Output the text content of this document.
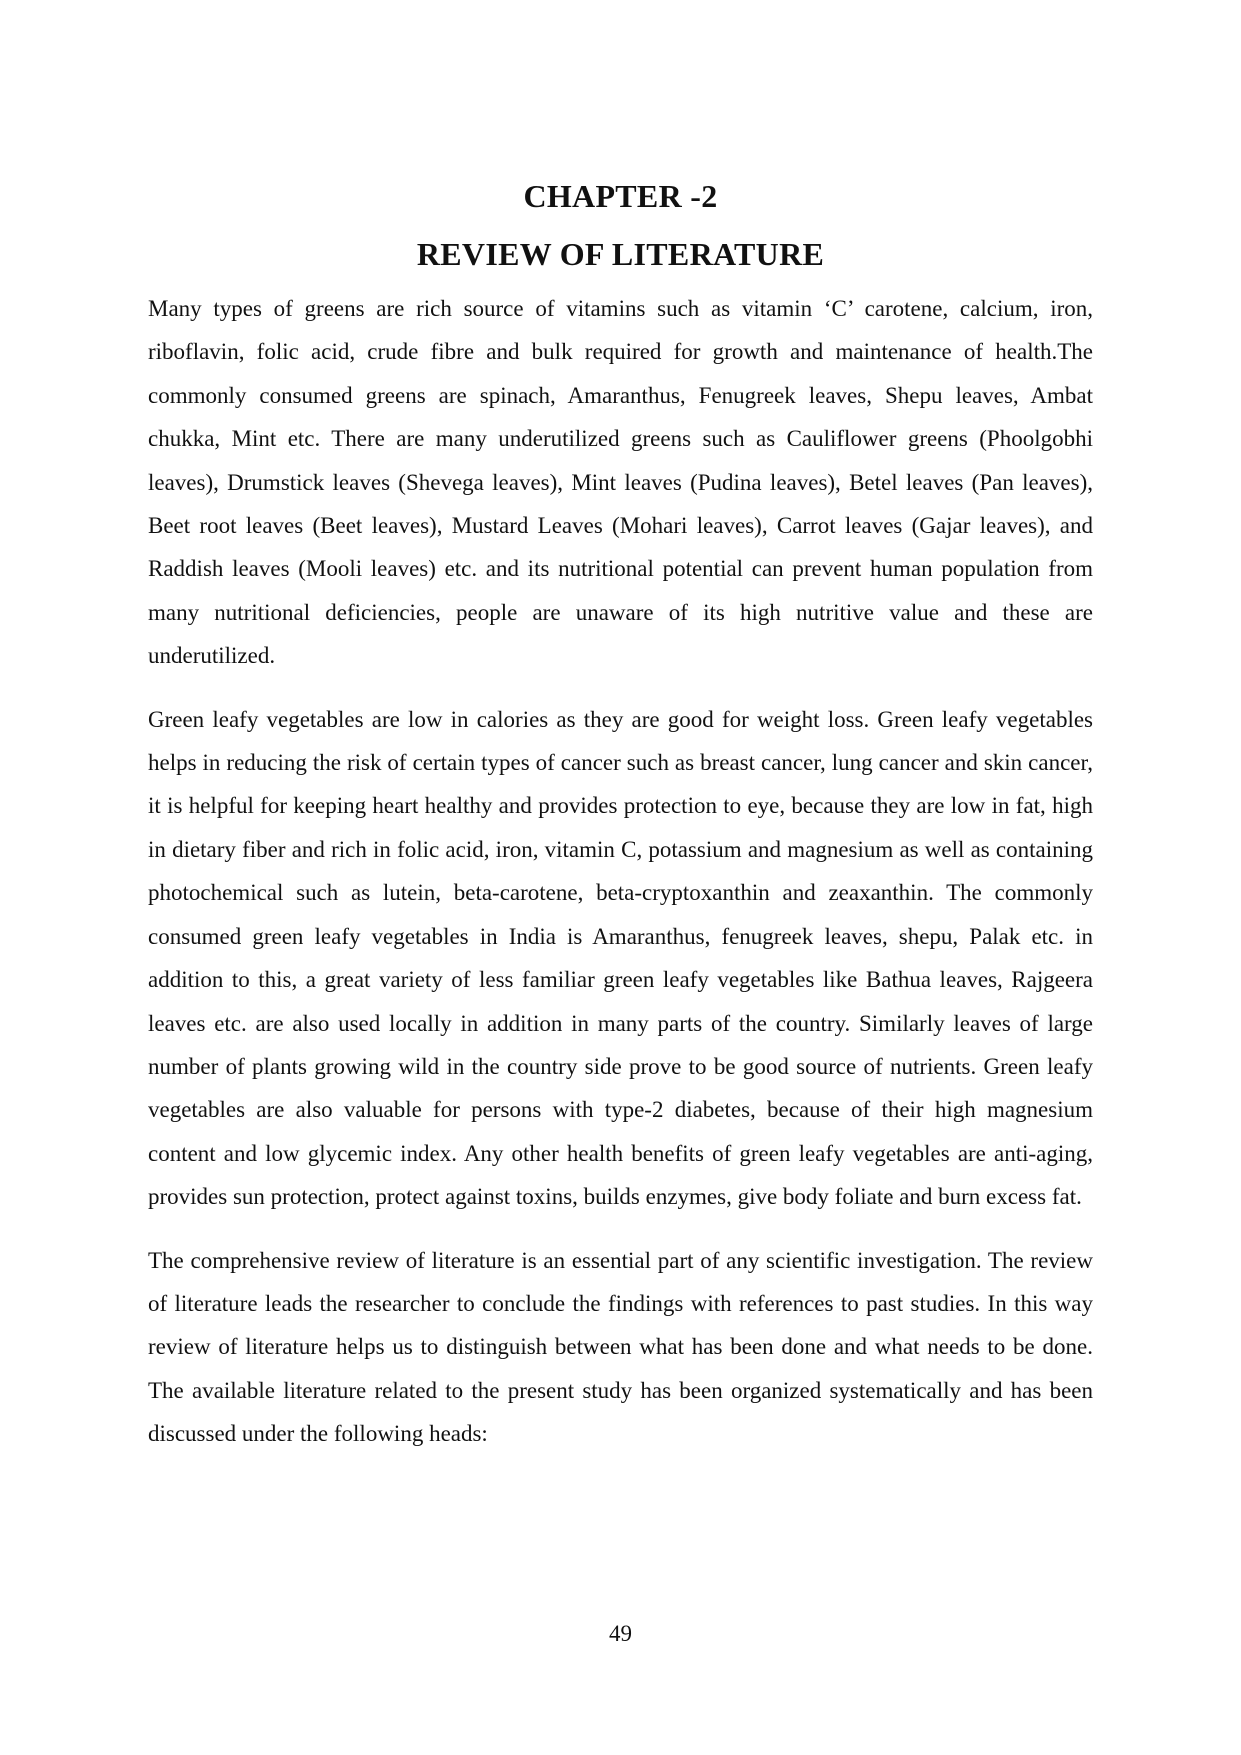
CHAPTER -2
REVIEW OF LITERATURE

Many types of greens are rich source of vitamins such as vitamin ‘C’ carotene, calcium, iron, riboflavin, folic acid, crude fibre and bulk required for growth and maintenance of health.The commonly consumed greens are spinach, Amaranthus, Fenugreek leaves, Shepu leaves, Ambat chukka, Mint etc. There are many underutilized greens such as Cauliflower greens (Phoolgobhi leaves), Drumstick leaves (Shevega leaves), Mint leaves (Pudina leaves), Betel leaves (Pan leaves), Beet root leaves (Beet leaves), Mustard Leaves (Mohari leaves), Carrot leaves (Gajar leaves), and Raddish leaves (Mooli leaves) etc. and its nutritional potential can prevent human population from many nutritional deficiencies, people are unaware of its high nutritive value and these are underutilized.

Green leafy vegetables are low in calories as they are good for weight loss. Green leafy vegetables helps in reducing the risk of certain types of cancer such as breast cancer, lung cancer and skin cancer, it is helpful for keeping heart healthy and provides protection to eye, because they are low in fat, high in dietary fiber and rich in folic acid, iron, vitamin C, potassium and magnesium as well as containing photochemical such as lutein, beta-carotene, beta-cryptoxanthin and zeaxanthin. The commonly consumed green leafy vegetables in India is Amaranthus, fenugreek leaves, shepu, Palak etc. in addition to this, a great variety of less familiar green leafy vegetables like Bathua leaves, Rajgeera leaves etc. are also used locally in addition in many parts of the country. Similarly leaves of large number of plants growing wild in the country side prove to be good source of nutrients. Green leafy vegetables are also valuable for persons with type-2 diabetes, because of their high magnesium content and low glycemic index. Any other health benefits of green leafy vegetables are anti-aging, provides sun protection, protect against toxins, builds enzymes, give body foliate and burn excess fat.

The comprehensive review of literature is an essential part of any scientific investigation. The review of literature leads the researcher to conclude the findings with references to past studies. In this way review of literature helps us to distinguish between what has been done and what needs to be done. The available literature related to the present study has been organized systematically and has been discussed under the following heads:

49
